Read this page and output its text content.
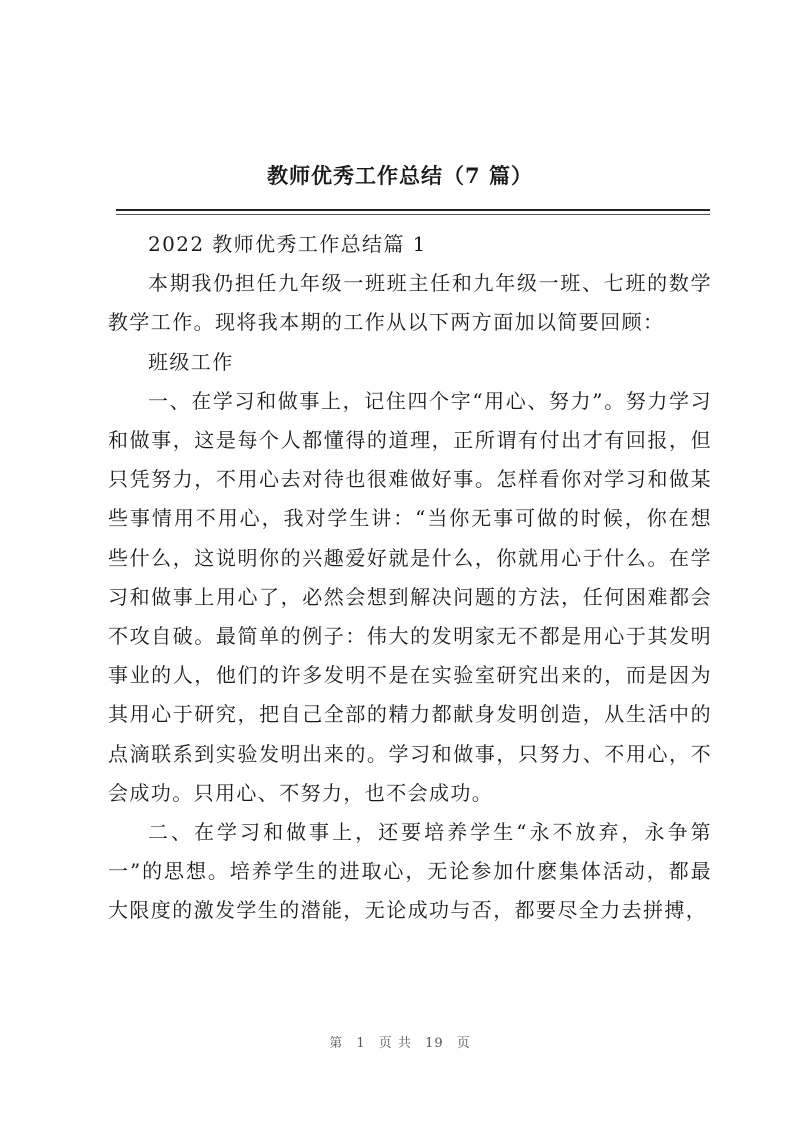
教师优秀工作总结（7 篇）

2022 教师优秀工作总结篇 1

本期我仍担任九年级一班班主任和九年级一班、七班的数学教学工作。现将我本期的工作从以下两方面加以简要回顾：

班级工作

一、在学习和做事上，记住四个字“用心、努力”。努力学习和做事，这是每个人都懂得的道理，正所谓有付出才有回报，但只凭努力，不用心去对待也很难做好事。怎样看你对学习和做某些事情用不用心，我对学生讲：“当你无事可做的时候，你在想些什么，这说明你的兴趣爱好就是什么，你就用心于什么。在学习和做事上用心了，必然会想到解决问题的方法，任何困难都会不攻自破。最简单的例子：伟大的发明家无不都是用心于其发明事业的人，他们的许多发明不是在实验室研究出来的，而是因为其用心于研究，把自己全部的精力都献身发明创造，从生活中的点滴联系到实验发明出来的。学习和做事，只努力、不用心，不会成功。只用心、不努力，也不会成功。

二、在学习和做事上，还要培养学生“永不放弃，永争第一”的思想。培养学生的进取心，无论参加什麽集体活动，都最大限度的激发学生的潜能，无论成功与否，都要尽全力去拼搏，

第 1 页 共 19 页
